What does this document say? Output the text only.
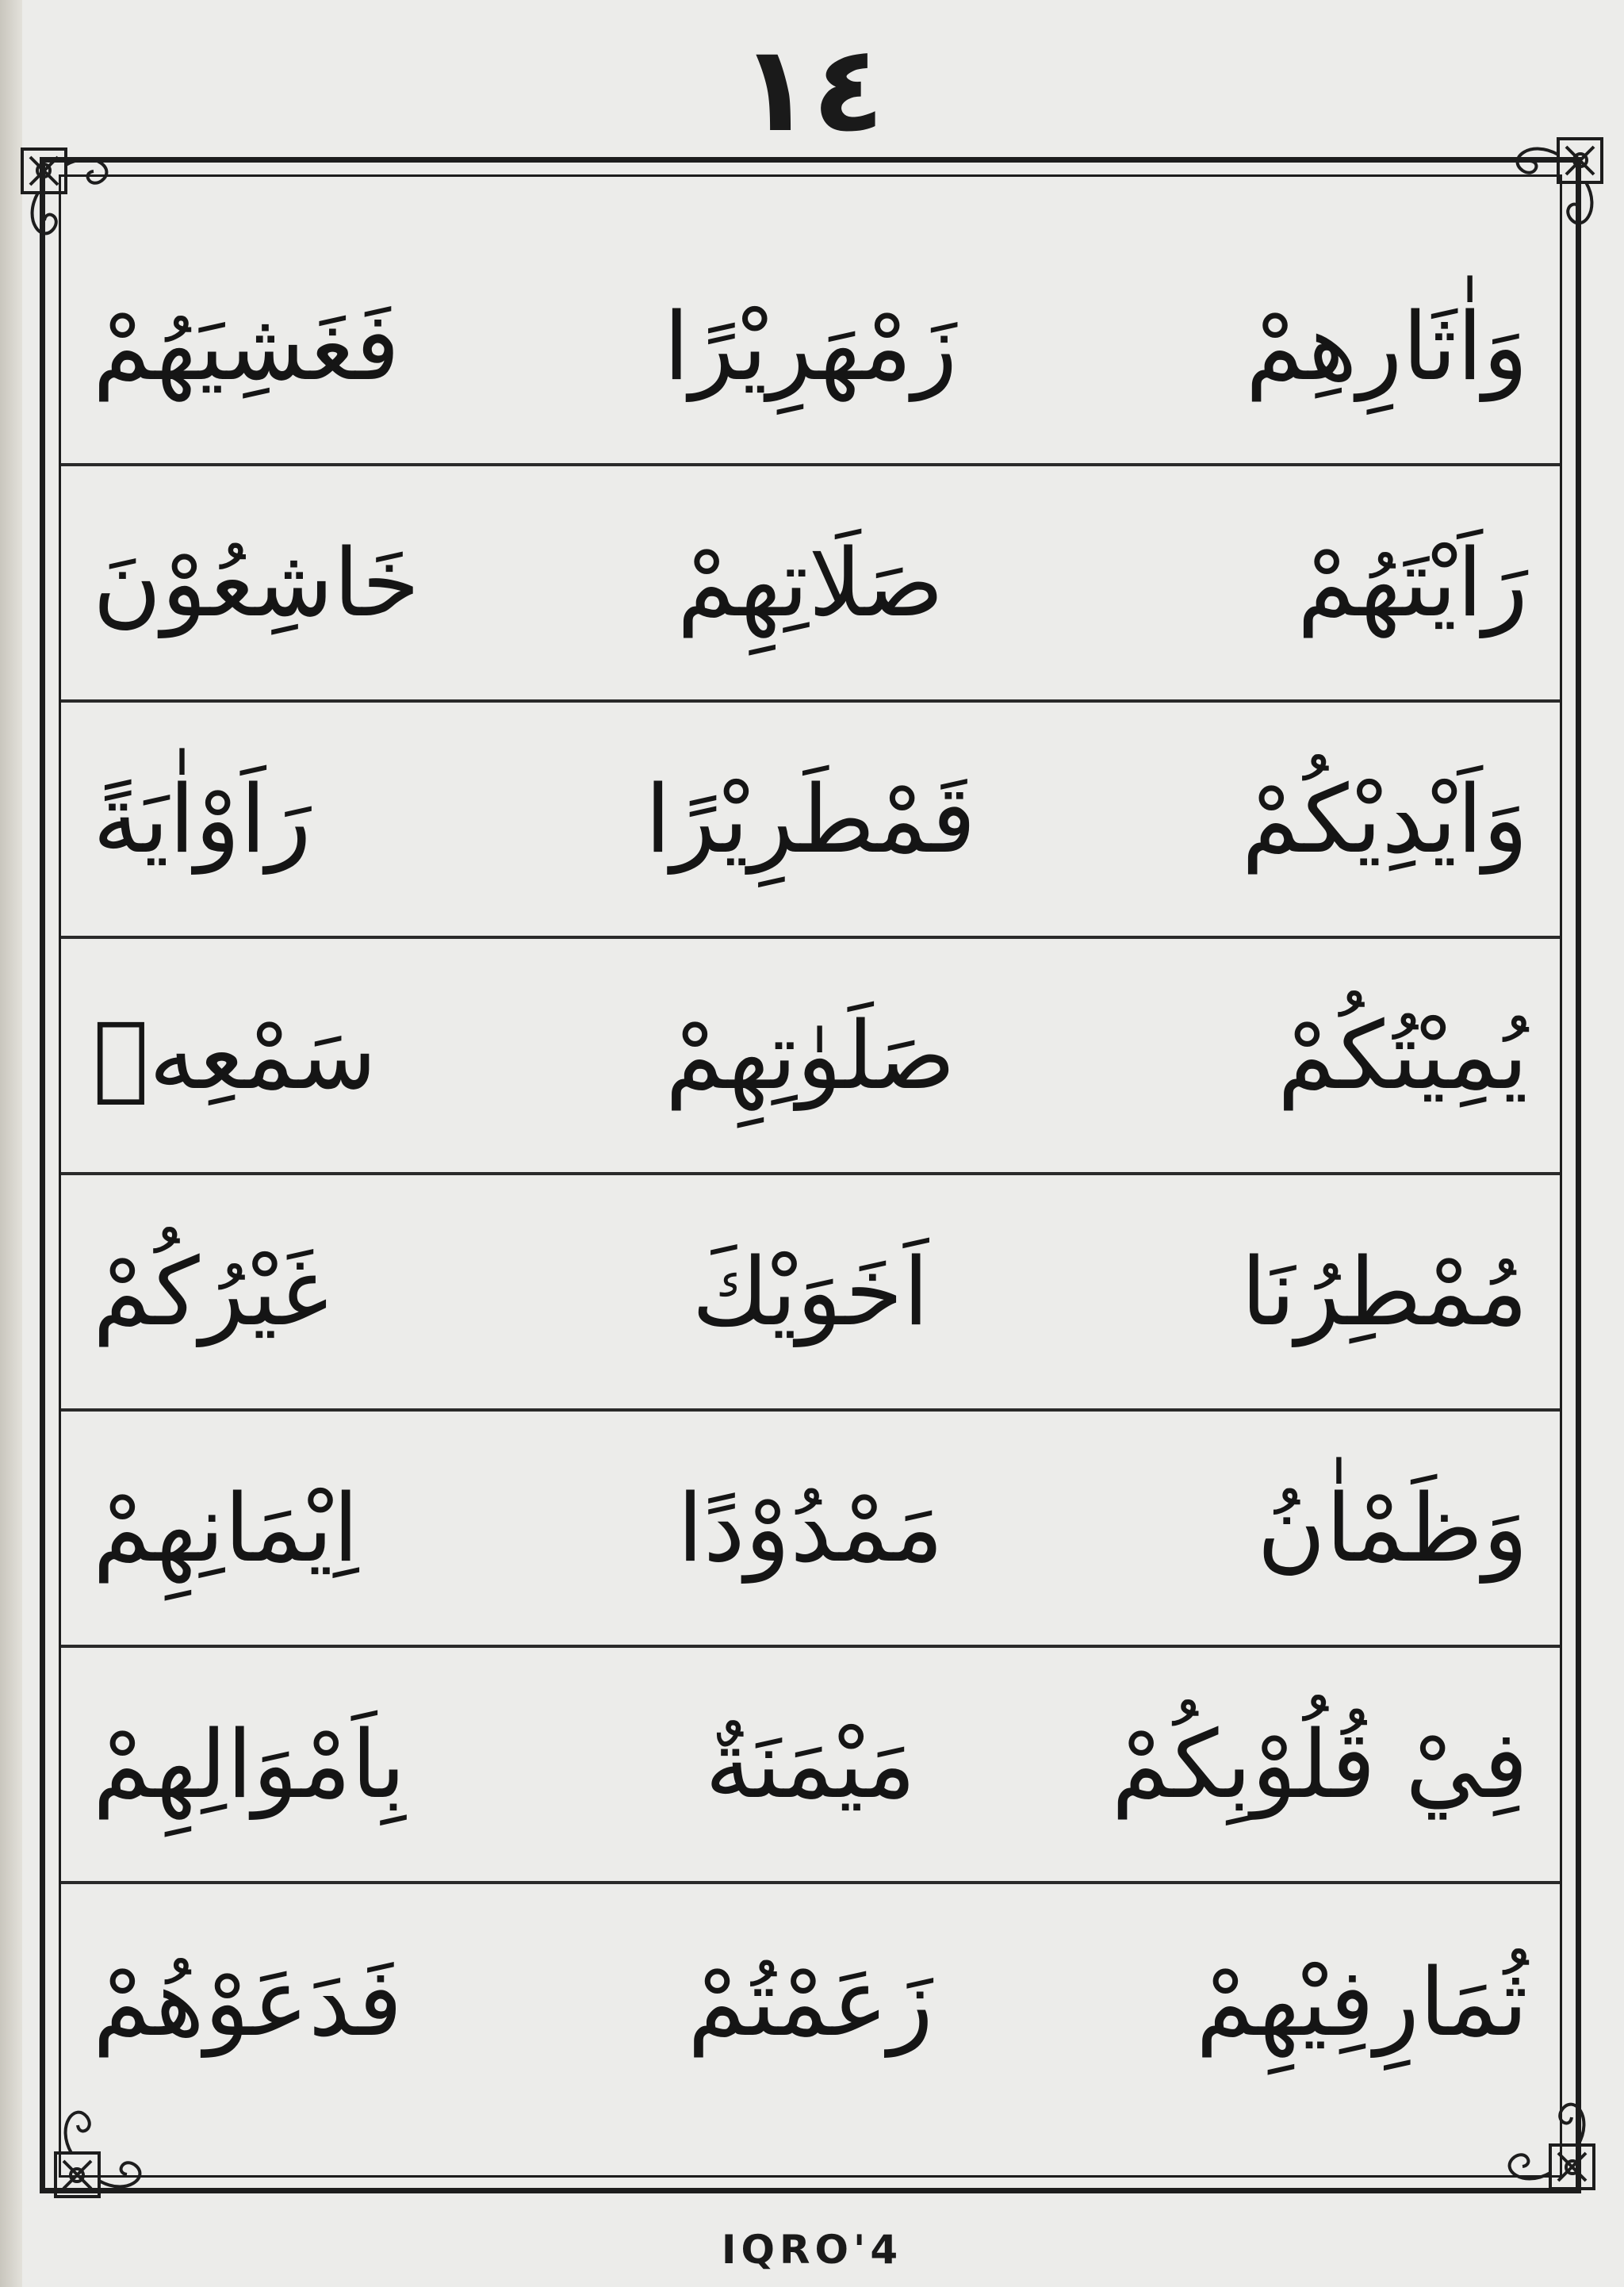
١٤
وَاٰثَارِهِمْ
زَمْهَرِيْرًا
فَغَشِيَهُمْ
رَاَيْتَهُمْ
صَلَاتِهِمْ
خَاشِعُوْنَ
وَاَيْدِيْكُمْ
قَمْطَرِيْرًا
رَاَوْاٰيَةً
يُمِيْتُكُمْ
صَلَوٰتِهِمْ
سَمْعِهٖ
مُمْطِرُنَا
اَخَوَيْكَ
غَيْرُكُمْ
وَظَمْاٰنُ
مَمْدُوْدًا
اِيْمَانِهِمْ
فِيْ قُلُوْبِكُمْ
مَيْمَنَةٌ
بِاَمْوَالِهِمْ
ثُمَارِفِيْهِمْ
زَعَمْتُمْ
فَدَعَوْهُمْ
IQRO'4
